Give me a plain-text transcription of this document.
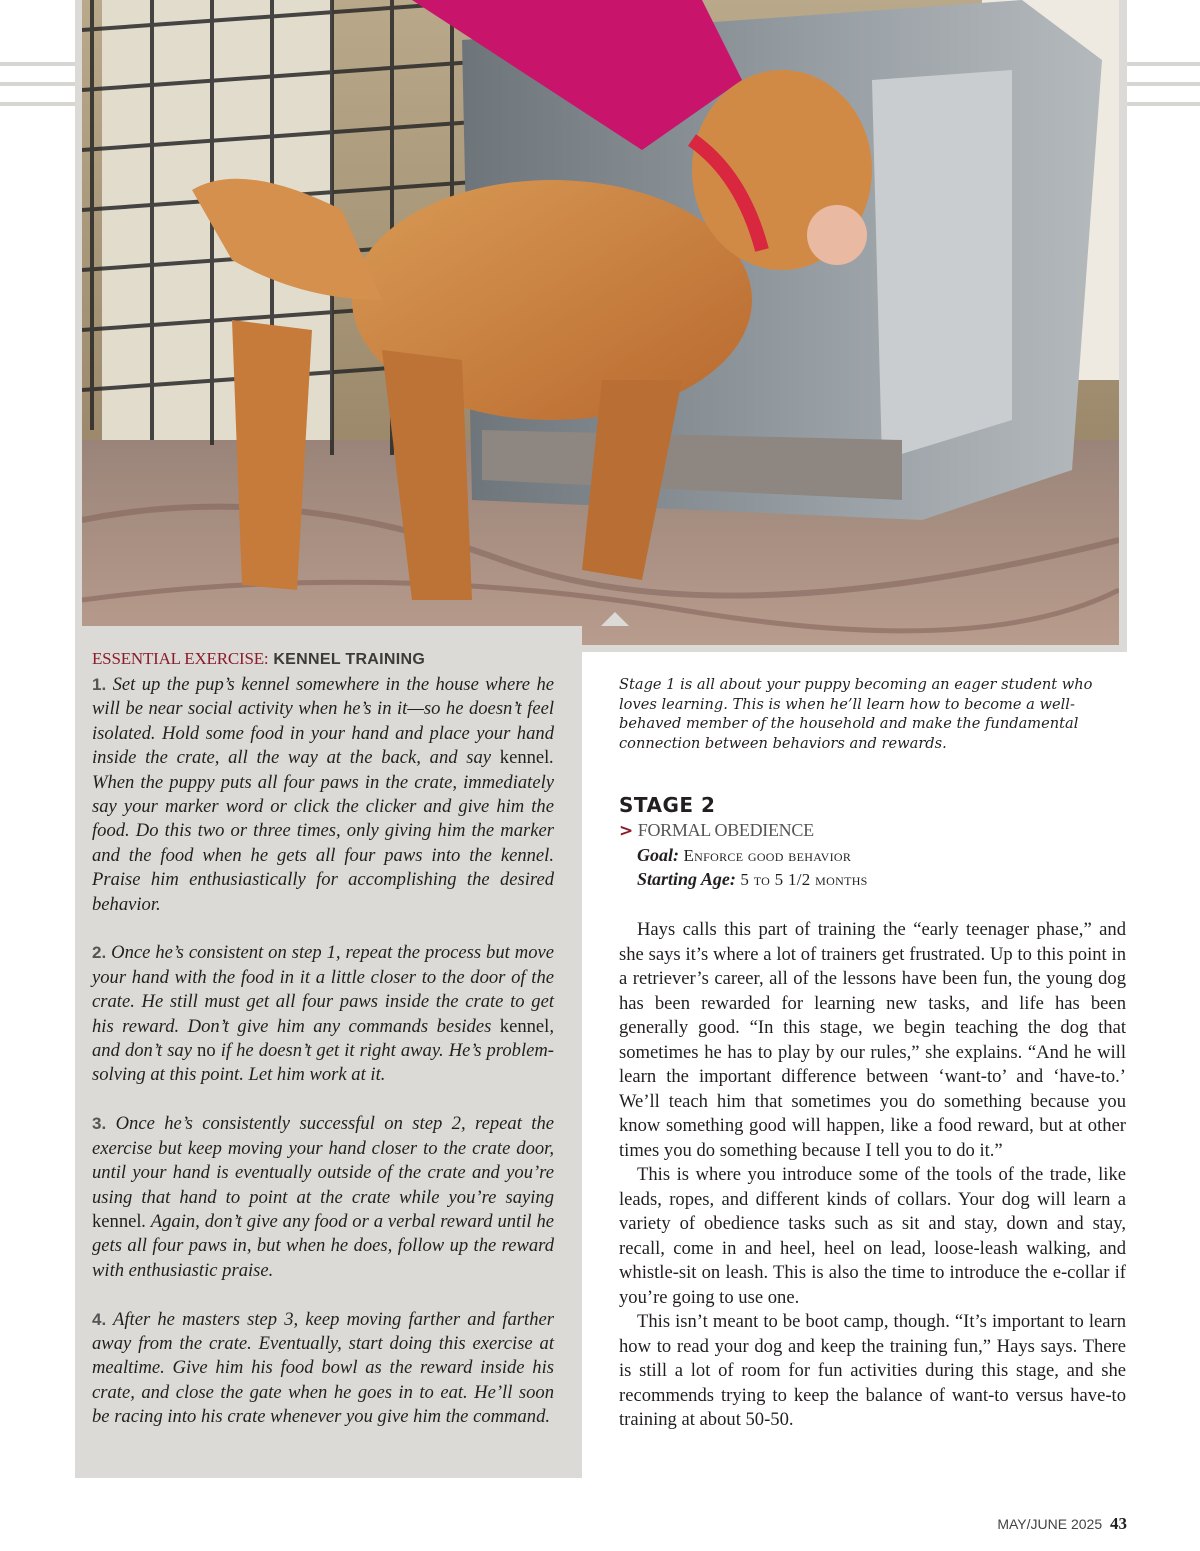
ESSENTIAL EXERCISE: KENNEL TRAINING

1. Set up the pup’s kennel somewhere in the house where he will be near social activity when he’s in it—so he doesn’t feel isolated. Hold some food in your hand and place your hand inside the crate, all the way at the back, and say kennel. When the puppy puts all four paws in the crate, immediately say your marker word or click the clicker and give him the food. Do this two or three times, only giving him the marker and the food when he gets all four paws into the kennel. Praise him enthusiastically for accomplishing the desired behavior.

2. Once he’s consistent on step 1, repeat the process but move your hand with the food in it a little closer to the door of the crate. He still must get all four paws inside the crate to get his reward. Don’t give him any commands besides kennel, and don’t say no if he doesn’t get it right away. He’s problem-solving at this point. Let him work at it.

3. Once he’s consistently successful on step 2, repeat the exercise but keep moving your hand closer to the crate door, until your hand is eventually outside of the crate and you’re using that hand to point at the crate while you’re saying kennel. Again, don’t give any food or a verbal reward until he gets all four paws in, but when he does, follow up the reward with enthusiastic praise.

4. After he masters step 3, keep moving farther and farther away from the crate. Eventually, start doing this exercise at mealtime. Give him his food bowl as the reward inside his crate, and close the gate when he goes in to eat. He’ll soon be racing into his crate whenever you give him the command.

Stage 1 is all about your puppy becoming an eager student who loves learning. This is when he’ll learn how to become a well-behaved member of the household and make the fundamental connection between behaviors and rewards.
STAGE 2
> FORMAL OBEDIENCE
Goal: Enforce good behavior
Starting Age: 5 to 5 1/2 months

Hays calls this part of training the “early teenager phase,” and she says it’s where a lot of trainers get frustrated. Up to this point in a retriever’s career, all of the lessons have been fun, the young dog has been rewarded for learning new tasks, and life has been generally good. “In this stage, we begin teaching the dog that sometimes he has to play by our rules,” she explains. “And he will learn the important difference between ‘want-to’ and ‘have-to.’ We’ll teach him that sometimes you do something because you know something good will happen, like a food reward, but at other times you do something because I tell you to do it.”

This is where you introduce some of the tools of the trade, like leads, ropes, and different kinds of collars. Your dog will learn a variety of obedience tasks such as sit and stay, down and stay, recall, come in and heel, heel on lead, loose-leash walking, and whistle-sit on leash. This is also the time to introduce the e-collar if you’re going to use one.

This isn’t meant to be boot camp, though. “It’s important to learn how to read your dog and keep the training fun,” Hays says. There is still a lot of room for fun activities during this stage, and she recommends trying to keep the balance of want-to versus have-to training at about 50-50.

MAY/JUNE 2025 43
